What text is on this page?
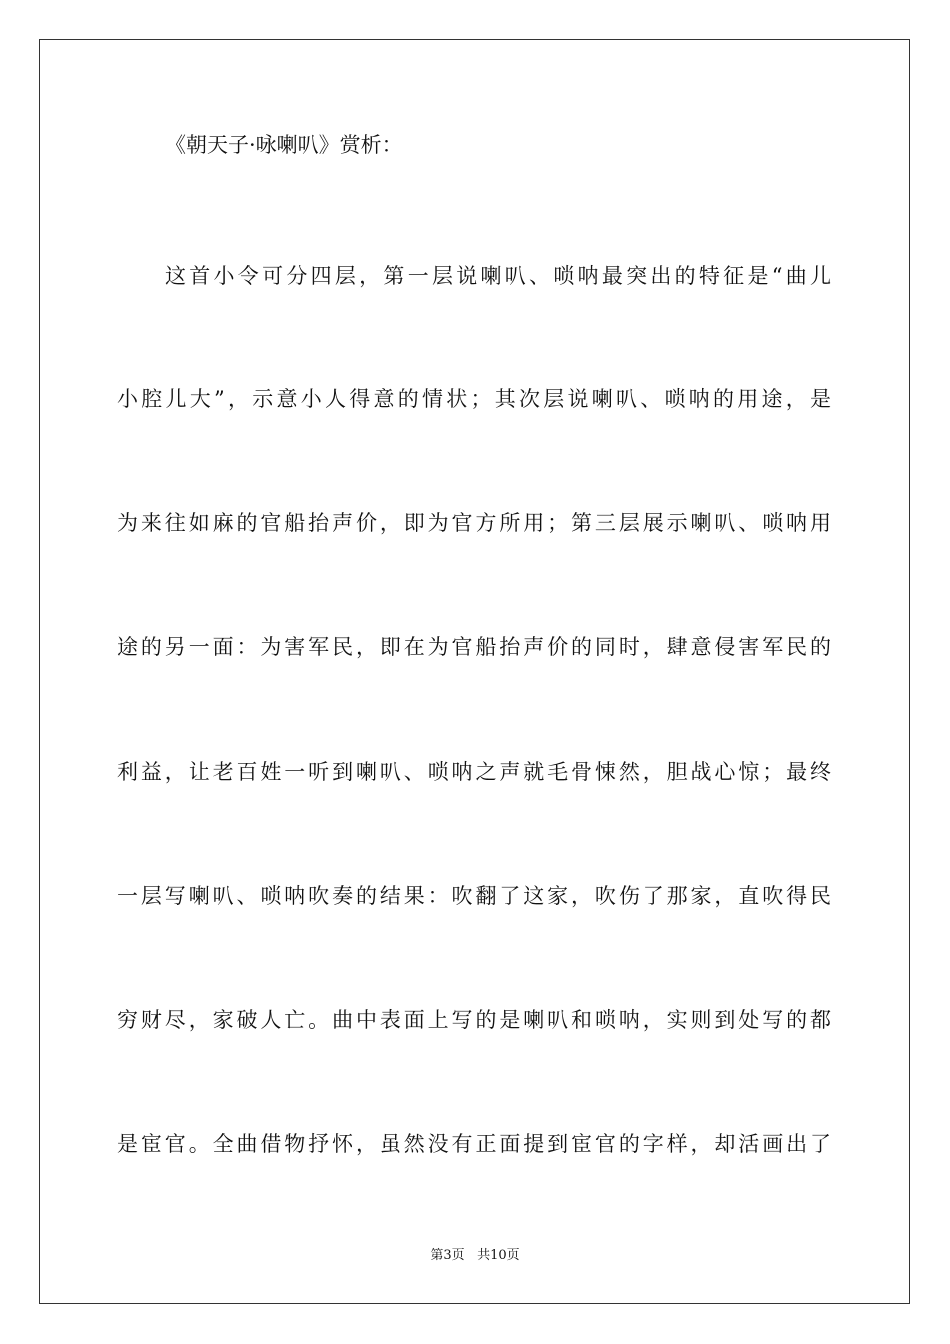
《朝天子·咏喇叭》赏析：
这首小令可分四层，第一层说喇叭、唢呐最突出的特征是“曲儿
小腔儿大”，示意小人得意的情状；其次层说喇叭、唢呐的用途，是
为来往如麻的官船抬声价，即为官方所用；第三层展示喇叭、唢呐用
途的另一面：为害军民，即在为官船抬声价的同时，肆意侵害军民的
利益，让老百姓一听到喇叭、唢呐之声就毛骨悚然，胆战心惊；最终
一层写喇叭、唢呐吹奏的结果：吹翻了这家，吹伤了那家，直吹得民
穷财尽，家破人亡。曲中表面上写的是喇叭和唢呐，实则到处写的都
是宦官。全曲借物抒怀，虽然没有正面提到宦官的字样，却活画出了
第3页 共10页
